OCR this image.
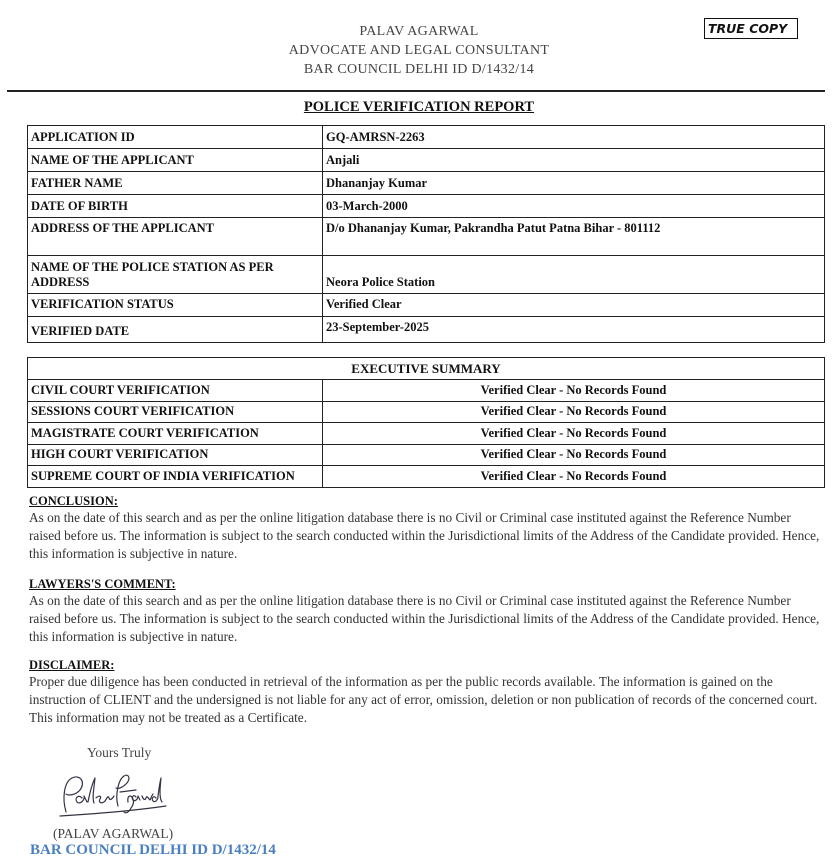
PALAV AGARWAL
ADVOCATE AND LEGAL CONSULTANT
BAR COUNCIL DELHI ID D/1432/14
TRUE COPY
POLICE VERIFICATION REPORT
APPLICATION ID	GQ-AMRSN-2263
NAME OF THE APPLICANT	Anjali
FATHER NAME	Dhananjay Kumar
DATE OF BIRTH	03-March-2000
ADDRESS OF THE APPLICANT	D/o Dhananjay Kumar, Pakrandha Patut Patna Bihar - 801112
NAME OF THE POLICE STATION AS PER ADDRESS	Neora Police Station
VERIFICATION STATUS	Verified Clear
VERIFIED DATE	23-September-2025
EXECUTIVE SUMMARY	
CIVIL COURT VERIFICATION	Verified Clear - No Records Found
SESSIONS COURT VERIFICATION	Verified Clear - No Records Found
MAGISTRATE COURT VERIFICATION	Verified Clear - No Records Found
HIGH COURT VERIFICATION	Verified Clear - No Records Found
SUPREME COURT OF INDIA VERIFICATION	Verified Clear - No Records Found

CONCLUSION:

As on the date of this search and as per the online litigation database there is no Civil or Criminal case instituted against the Reference Number raised before us. The information is subject to the search conducted within the Jurisdictional limits of the Address of the Candidate provided. Hence, this information is subjective in nature.

LAWYERS'S COMMENT:

As on the date of this search and as per the online litigation database there is no Civil or Criminal case instituted against the Reference Number raised before us. The information is subject to the search conducted within the Jurisdictional limits of the Address of the Candidate provided. Hence, this information is subjective in nature.

DISCLAIMER:

Proper due diligence has been conducted in retrieval of the information as per the public records available. The information is gained on the instruction of CLIENT and the undersigned is not liable for any act of error, omission, deletion or non publication of records of the concerned court. This information may not be treated as a Certificate.

Yours Truly
(PALAV AGARWAL)
BAR COUNCIL DELHI ID D/1432/14
